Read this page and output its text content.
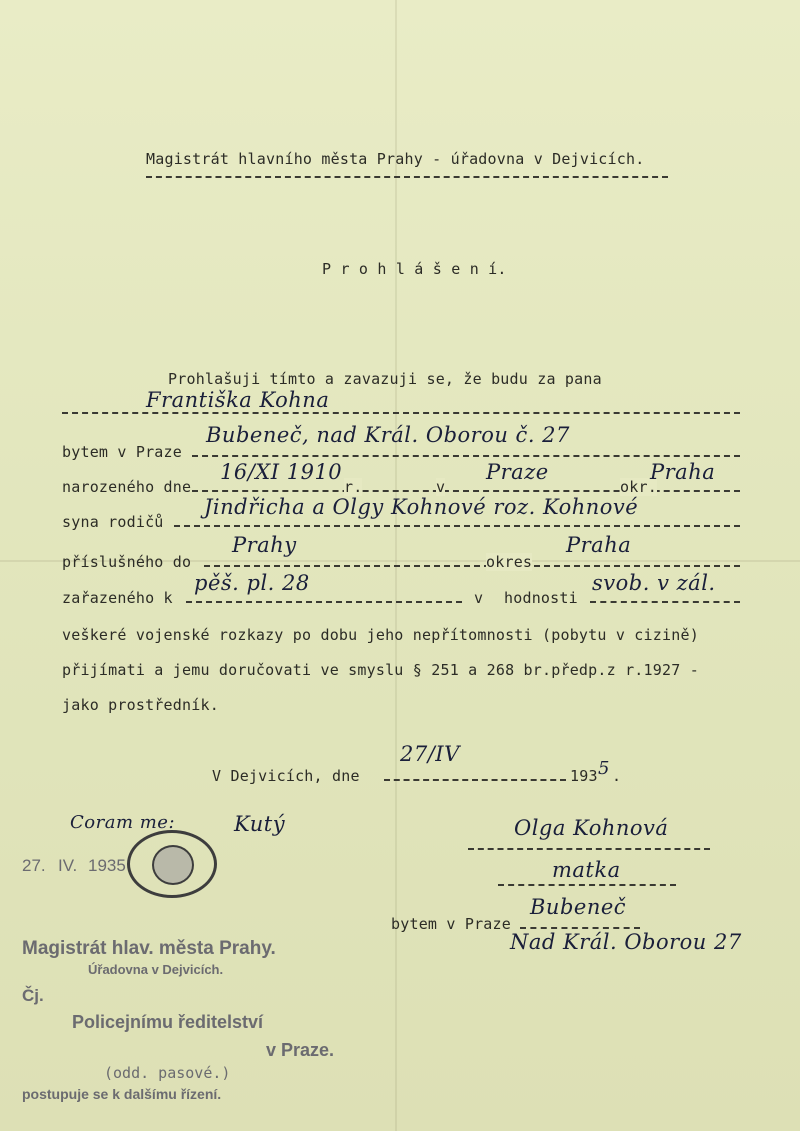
Magistrát hlavního města Prahy - úřadovna v Dejvicích.
P r o h l á š e n í.
Prohlašuji tímto a zavazuji se, že budu za pana
Františka Kohna
bytem v Praze
Bubeneč, nad Král. Oborou č. 27
narozeného dne
16/XI 1910
r.	v
Praze
okr.
Praha
syna rodičů
Jindřicha a Olgy Kohnové roz. Kohnové
příslušného do
Prahy
okres
Praha
zařazeného k
pěš. pl. 28
v hodnosti
svob. v zál.
veškeré vojenské rozkazy po dobu jeho nepřítomnosti (pobytu v cizině)
přijímati a jemu doručovati ve smyslu § 251 a 268 br.předp.z r.1927 -
jako prostředník.
V Dejvicích, dne
27/IV
193 5 .
Olga Kohnová
matka
bytem v Praze
Bubeneč
Nad Král. Oborou 27
Coram me:	Kutý
27. IV. 1935
Magistrát hlav. města Prahy.
Úřadovna v Dejvicích.
Čj.
Policejnímu ředitelství
v Praze.
(odd. pasové.)
postupuje se k dalšímu řízení.
